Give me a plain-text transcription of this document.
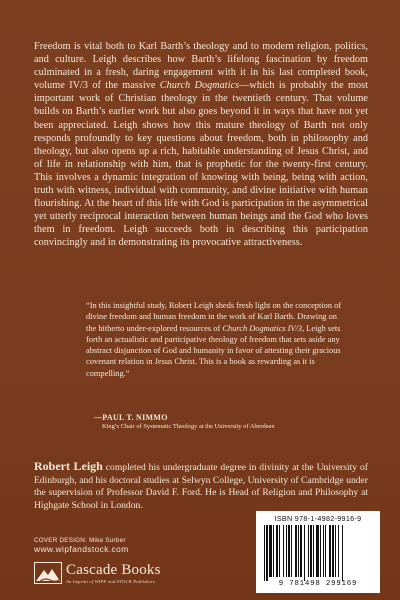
Freedom is vital both to Karl Barth’s theology and to modern religion, politics, and culture. Leigh describes how Barth’s lifelong fascination by freedom culminated in a fresh, daring engagement with it in his last completed book, volume IV/3 of the massive Church Dogmatics—which is probably the most important work of Christian theology in the twentieth century. That volume builds on Barth’s earlier work but also goes beyond it in ways that have not yet been appreciated. Leigh shows how this mature theology of Barth not only responds profoundly to key questions about freedom, both in philosophy and theology, but also opens up a rich, habitable understanding of Jesus Christ, and of life in relationship with him, that is prophetic for the twenty-first century. This involves a dynamic integration of knowing with being, being with action, truth with witness, individual with community, and divine initiative with human flourishing. At the heart of this life with God is participation in the asymmetrical yet utterly reciprocal interaction between human beings and the God who loves them in freedom. Leigh succeeds both in describing this participation convincingly and in demonstrating its provocative attractiveness.

“In this insightful study, Robert Leigh sheds fresh light on the conception of divine freedom and human freedom in the work of Karl Barth. Drawing on the hitherto under-explored resources of Church Dogmatics IV/3, Leigh sets forth an actualistic and participative theology of freedom that sets aside any abstract disjunction of God and humanity in favor of attesting their gracious covenant relation in Jesus Christ. This is a book as rewarding as it is compelling.”

—PAUL T. NIMMO
King’s Chair of Systematic Theology at the University of Aberdeen
Robert Leigh completed his undergraduate degree in divinity at the University of Edinburgh, and his doctoral studies at Selwyn College, University of Cambridge under the supervision of Professor David F. Ford. He is Head of Religion and Philosophy at Highgate School in London.
COVER DESIGN: Mike Surber
www.wipfandstock.com
Cascade Books
An Imprint of WIPF and STOCK Publishers
ISBN 978-1-4982-9916-9
9 781498 299169
